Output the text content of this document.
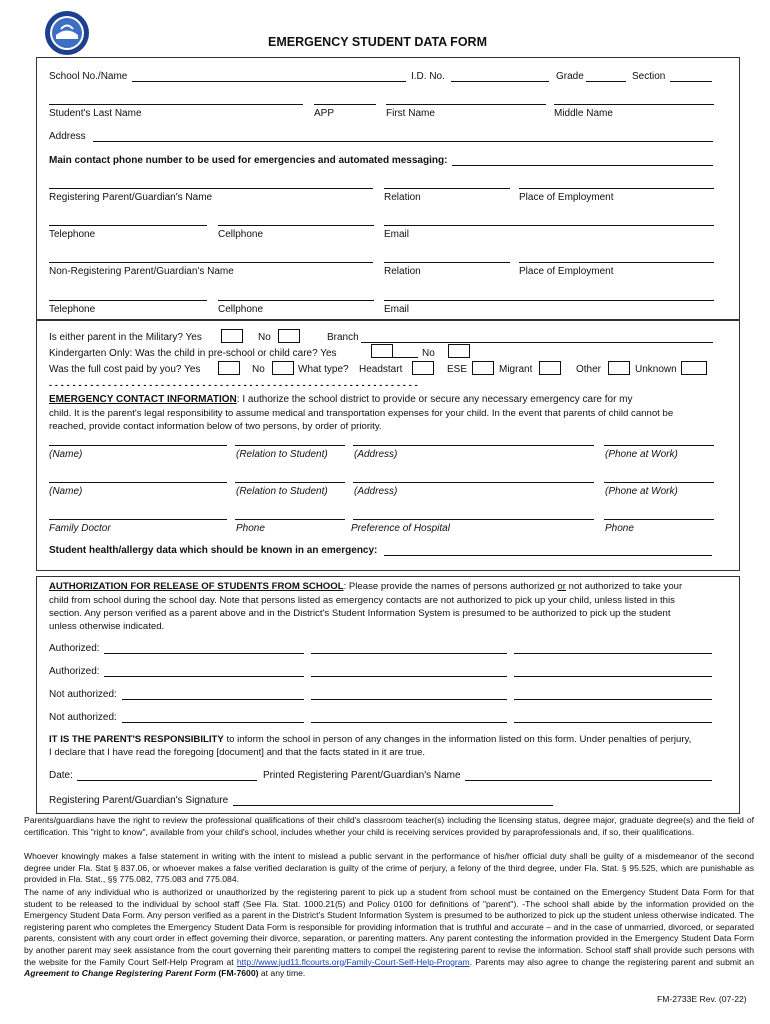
EMERGENCY STUDENT DATA FORM
School No./Name	I.D. No.	Grade	Section
Student's Last Name	APP	First Name	Middle Name
Address
Main contact phone number to be used for emergencies and automated messaging:
Registering Parent/Guardian's Name	Relation	Place of Employment
Telephone	Cellphone	Email
Non-Registering Parent/Guardian's Name	Relation	Place of Employment
Telephone	Cellphone	Email
Is either parent in the Military? Yes	No	Branch
Kindergarten Only: Was the child in pre-school or child care? Yes	No
Was the full cost paid by you? Yes	No	What type? Headstart	ESE	Migrant	Other	Unknown
- - - - - - - - - - - - - - - - - - - - - - - - - - - - - - - - - - - - - - - - - - - - - - - - - - - - - - - - - - - - - - -
EMERGENCY CONTACT INFORMATION: I authorize the school district to provide or secure any necessary emergency care for my
child. It is the parent's legal responsibility to assume medical and transportation expenses for your child. In the event that parents of child cannot be
reached, provide contact information below of two persons, by order of priority.
(Name)	(Relation to Student)	(Address)	(Phone at Work)
(Name)	(Relation to Student)	(Address)	(Phone at Work)
Family Doctor	Phone	Preference of Hospital	Phone
Student health/allergy data which should be known in an emergency:
AUTHORIZATION FOR RELEASE OF STUDENTS FROM SCHOOL: Please provide the names of persons authorized or not authorized to take your
child from school during the school day. Note that persons listed as emergency contacts are not authorized to pick up your child, unless listed in this
section. Any person verified as a parent above and in the District's Student Information System is presumed to be authorized to pick up the student
unless otherwise indicated.
Authorized:
Authorized:
Not authorized:
Not authorized:
IT IS THE PARENT'S RESPONSIBILITY to inform the school in person of any changes in the information listed on this form. Under penalties of perjury,
I declare that I have read the foregoing [document] and that the facts stated in it are true.
Date:	Printed Registering Parent/Guardian's Name
Registering Parent/Guardian's Signature
Parents/guardians have the right to review the professional qualifications of their child's classroom teacher(s) including the licensing status, degree major, graduate degree(s) and the field of certification. This "right to know", available from your child's school, includes whether your child is receiving services provided by paraprofessionals and, if so, their qualifications.
Whoever knowingly makes a false statement in writing with the intent to mislead a public servant in the performance of his/her official duty shall be guilty of a misdemeanor of the second degree under Fla. Stat § 837.06, or whoever makes a false verified declaration is guilty of the crime of perjury, a felony of the third degree, under Fla. Stat. § 95.525, which are punishable as provided in Fla. Stat., §§ 775.082, 775.083 and 775.084.
The name of any individual who is authorized or unauthorized by the registering parent to pick up a student from school must be contained on the Emergency Student Data Form for that student to be released to the individual by school staff (See Fla. Stat. 1000.21(5) and Policy 0100 for definitions of "parent"). -The school shall abide by the information provided on the Emergency Student Data Form. Any person verified as a parent in the District's Student Information System is presumed to be authorized to pick up the student unless otherwise indicated. The registering parent who completes the Emergency Student Data Form is responsible for providing information that is truthful and accurate – and in the case of unmarried, divorced, or separated parents, consistent with any court order in effect governing their divorce, separation, or parenting matters. Any parent contesting the information provided in the Emergency Student Data Form by another parent may seek assistance from the court governing their parenting matters to compel the registering parent to revise the information. School staff shall provide such persons with the website for the Family Court Self-Help Program at http://www.jud11.flcourts.org/Family-Court-Self-Help-Program. Parents may also agree to change the registering parent and submit an Agreement to Change Registering Parent Form (FM-7600) at any time.
FM-2733E Rev. (07-22)
